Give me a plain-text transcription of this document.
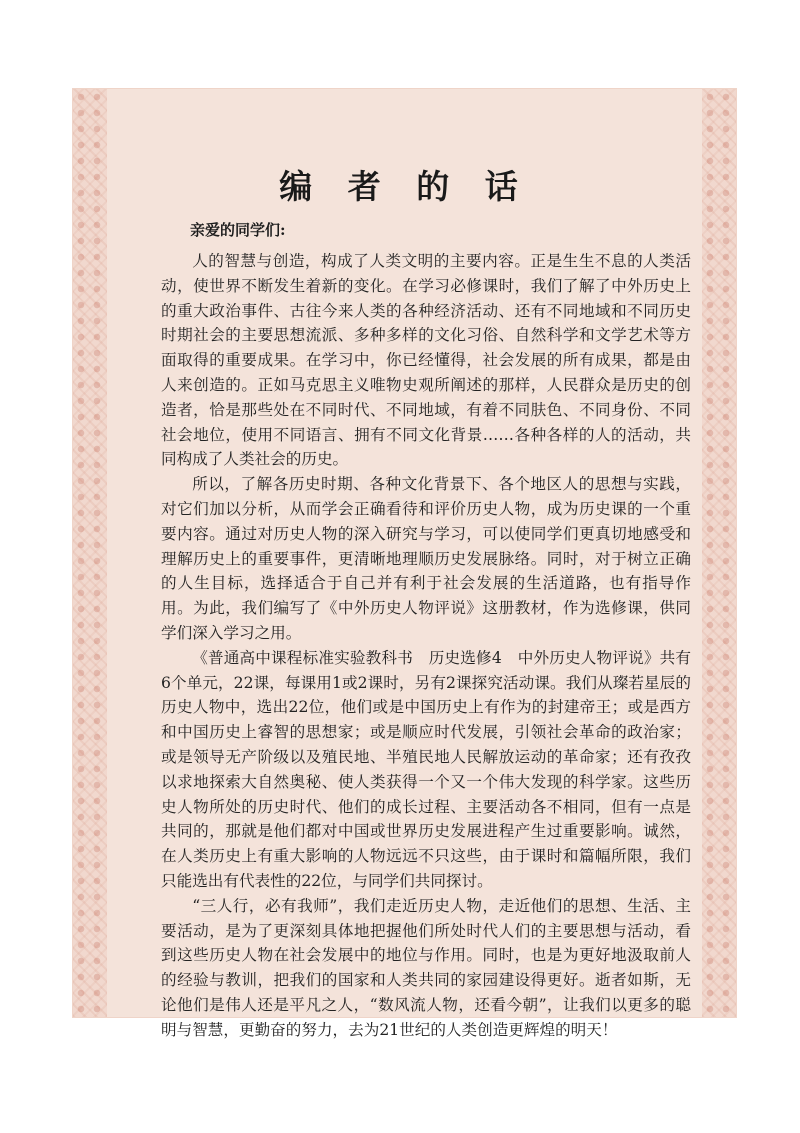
编 者 的 话
亲爱的同学们:

人的智慧与创造，构成了人类文明的主要内容。正是生生不息的人类活动，使世界不断发生着新的变化。在学习必修课时，我们了解了中外历史上的重大政治事件、古往今来人类的各种经济活动、还有不同地域和不同历史时期社会的主要思想流派、多种多样的文化习俗、自然科学和文学艺术等方面取得的重要成果。在学习中，你已经懂得，社会发展的所有成果，都是由人来创造的。正如马克思主义唯物史观所阐述的那样，人民群众是历史的创造者，恰是那些处在不同时代、不同地域，有着不同肤色、不同身份、不同社会地位，使用不同语言、拥有不同文化背景……各种各样的人的活动，共同构成了人类社会的历史。

所以，了解各历史时期、各种文化背景下、各个地区人的思想与实践，对它们加以分析，从而学会正确看待和评价历史人物，成为历史课的一个重要内容。通过对历史人物的深入研究与学习，可以使同学们更真切地感受和理解历史上的重要事件，更清晰地理顺历史发展脉络。同时，对于树立正确的人生目标，选择适合于自己并有利于社会发展的生活道路，也有指导作用。为此，我们编写了《中外历史人物评说》这册教材，作为选修课，供同学们深入学习之用。

《普通高中课程标准实验教科书　历史选修4　中外历史人物评说》共有6个单元，22课，每课用1或2课时，另有2课探究活动课。我们从璨若星辰的历史人物中，选出22位，他们或是中国历史上有作为的封建帝王；或是西方和中国历史上睿智的思想家；或是顺应时代发展，引领社会革命的政治家；或是领导无产阶级以及殖民地、半殖民地人民解放运动的革命家；还有孜孜以求地探索大自然奥秘、使人类获得一个又一个伟大发现的科学家。这些历史人物所处的历史时代、他们的成长过程、主要活动各不相同，但有一点是共同的，那就是他们都对中国或世界历史发展进程产生过重要影响。诚然，在人类历史上有重大影响的人物远远不只这些，由于课时和篇幅所限，我们只能选出有代表性的22位，与同学们共同探讨。

“三人行，必有我师”，我们走近历史人物，走近他们的思想、生活、主要活动，是为了更深刻具体地把握他们所处时代人们的主要思想与活动，看到这些历史人物在社会发展中的地位与作用。同时，也是为更好地汲取前人的经验与教训，把我们的国家和人类共同的家园建设得更好。逝者如斯，无论他们是伟人还是平凡之人，“数风流人物，还看今朝”，让我们以更多的聪明与智慧，更勤奋的努力，去为21世纪的人类创造更辉煌的明天！
